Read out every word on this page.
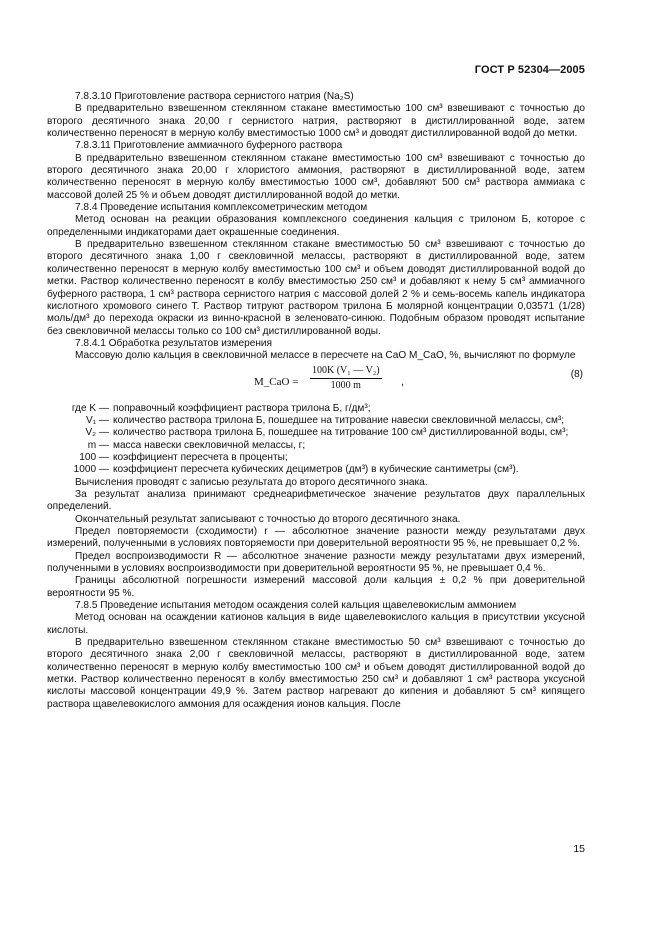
ГОСТ Р 52304—2005

7.8.3.10 Приготовление раствора сернистого натрия (Na₂S)

В предварительно взвешенном стеклянном стакане вместимостью 100 см³ взвешивают с точностью до второго десятичного знака 20,00 г сернистого натрия, растворяют в дистиллированной воде, затем количественно переносят в мерную колбу вместимостью 1000 см³ и доводят дистиллированной водой до метки.

7.8.3.11 Приготовление аммиачного буферного раствора

В предварительно взвешенном стеклянном стакане вместимостью 100 см³ взвешивают с точностью до второго десятичного знака 20,00 г хлористого аммония, растворяют в дистиллированной воде, затем количественно переносят в мерную колбу вместимостью 1000 см³, добавляют 500 см³ раствора аммиака с массовой долей 25 % и объем доводят дистиллированной водой до метки.

7.8.4 Проведение испытания комплексометрическим методом

Метод основан на реакции образования комплексного соединения кальция с трилоном Б, которое с определенными индикаторами дает окрашенные соединения.

В предварительно взвешенном стеклянном стакане вместимостью 50 см³ взвешивают с точностью до второго десятичного знака 1,00 г свекловичной мелассы, растворяют в дистиллированной воде, затем количественно переносят в мерную колбу вместимостью 100 см³ и объем доводят дистиллированной водой до метки. Раствор количественно переносят в колбу вместимостью 250 см³ и добавляют к нему 5 см³ аммиачного буферного раствора, 1 см³ раствора сернистого натрия с массовой долей 2 % и семь-восемь капель индикатора кислотного хромового синего Т. Раствор титруют раствором трилона Б молярной концентрации 0,03571 (1/28) моль/дм³ до перехода окраски из винно-красной в зеленовато-синюю. Подобным образом проводят испытание без свекловичной мелассы только со 100 см³ дистиллированной воды.

7.8.4.1 Обработка результатов измерения

Массовую долю кальция в свекловичной мелассе в пересчете на СаО M_CaO, %, вычисляют по формуле

M_CaO = $\frac{\text{100K (V₁ — V₂)}}{1000 m}$ ,
(8)
где K — поправочный коэффициент раствора трилона Б, г/дм³;
V₁ — количество раствора трилона Б, пошедшее на титрование навески свекловичной мелассы, см³;
V₂ — количество раствора трилона Б, пошедшее на титрование 100 см³ дистиллированной воды, см³;
m — масса навески свекловичной мелассы, г;
100 — коэффициент пересчета в проценты;
1000 — коэффициент пересчета кубических дециметров (дм³) в кубические сантиметры (см³).

Вычисления проводят с записью результата до второго десятичного знака.

За результат анализа принимают среднеарифметическое значение результатов двух параллельных определений.

Окончательный результат записывают с точностью до второго десятичного знака.

Предел повторяемости (сходимости) r — абсолютное значение разности между результатами двух измерений, полученными в условиях повторяемости при доверительной вероятности 95 %, не превышает 0,2 %.

Предел воспроизводимости R — абсолютное значение разности между результатами двух измерений, полученными в условиях воспроизводимости при доверительной вероятности 95 %, не превышает 0,4 %.

Границы абсолютной погрешности измерений массовой доли кальция ± 0,2 % при доверительной вероятности 95 %.

7.8.5 Проведение испытания методом осаждения солей кальция щавелевокислым аммонием

Метод основан на осаждении катионов кальция в виде щавелевокислого кальция в присутствии уксусной кислоты.

В предварительно взвешенном стеклянном стакане вместимостью 50 см³ взвешивают с точностью до второго десятичного знака 2,00 г свекловичной мелассы, растворяют в дистиллированной воде, затем количественно переносят в мерную колбу вместимостью 100 см³ и объем доводят дистиллированной водой до метки. Раствор количественно переносят в колбу вместимостью 250 см³ и добавляют 1 см³ раствора уксусной кислоты массовой концентрации 49,9 %. Затем раствор нагревают до кипения и добавляют 5 см³ кипящего раствора щавелевокислого аммония для осаждения ионов кальция. После

15
